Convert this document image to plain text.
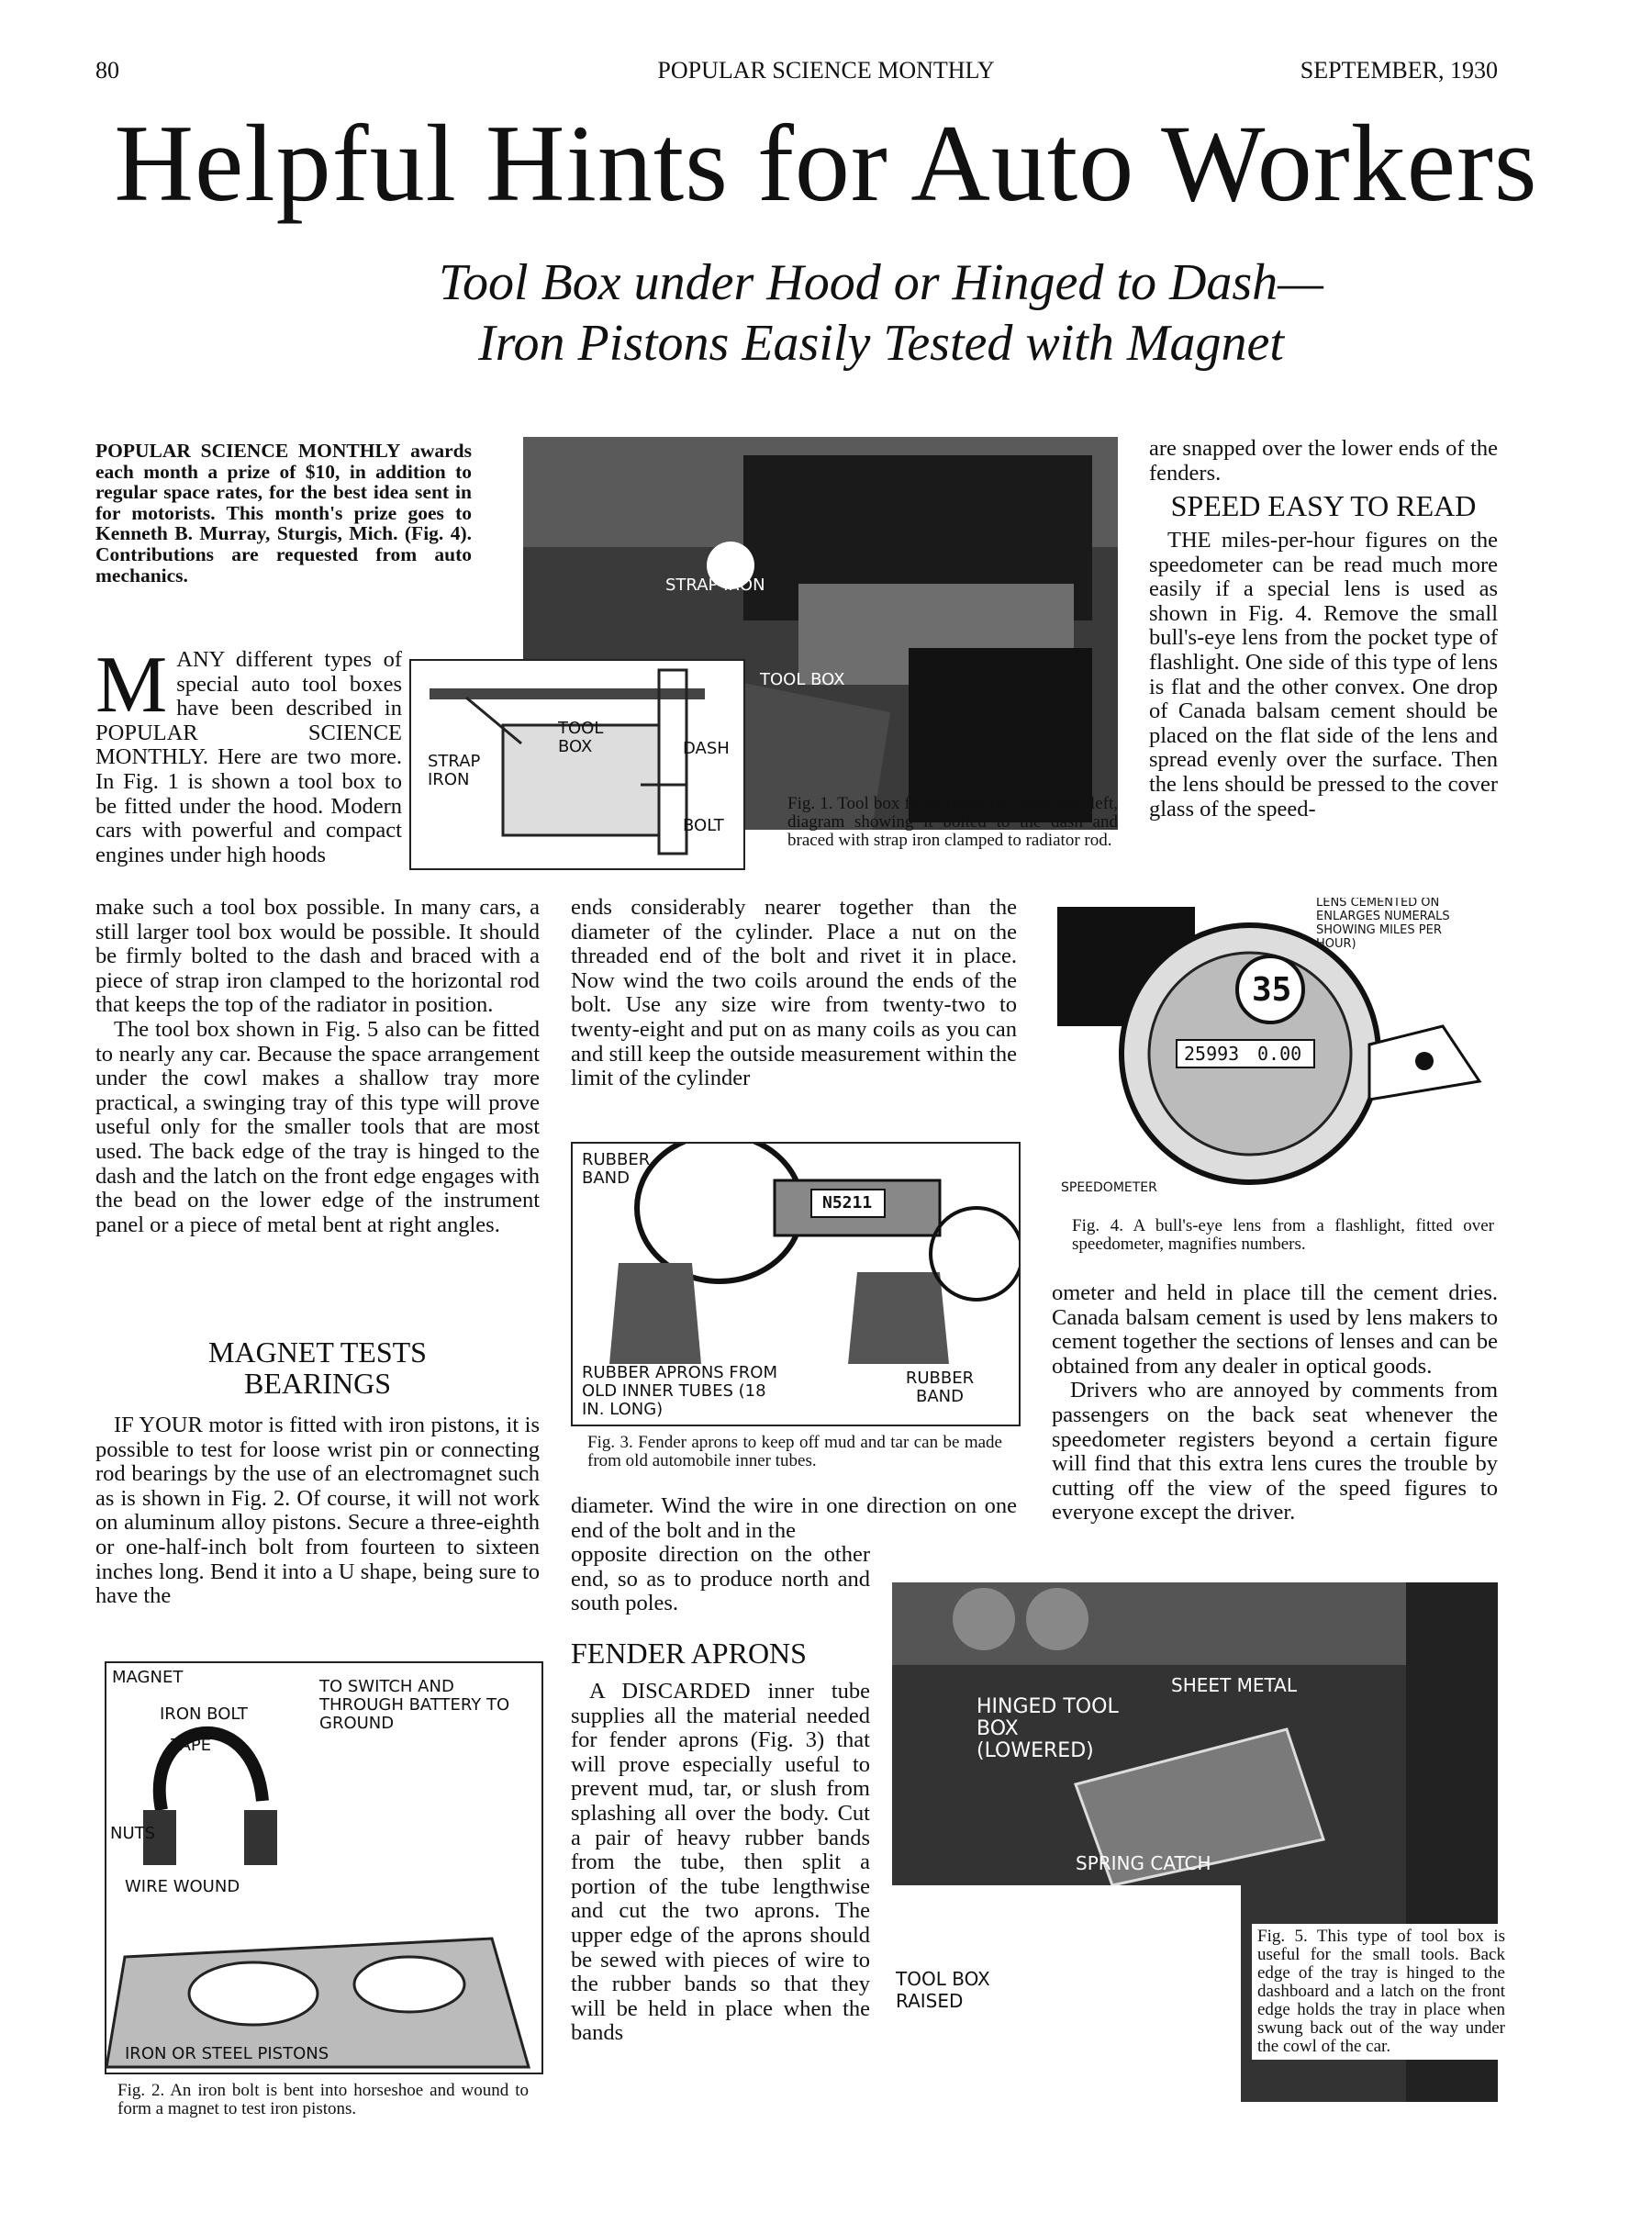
80	POPULAR SCIENCE MONTHLY	SEPTEMBER, 1930
Helpful Hints for Auto Workers
Tool Box under Hood or Hinged to Dash—
Iron Pistons Easily Tested with Magnet
POPULAR SCIENCE MONTHLY awards each month a prize of $10, in addition to regular space rates, for the best idea sent in for motorists. This month's prize goes to Kenneth B. Murray, Sturgis, Mich. (Fig. 4). Contributions are requested from auto mechanics.
M ANY different types of special auto tool boxes have been described in POPULAR SCIENCE MONTHLY. Here are two more. In Fig. 1 is shown a tool box to be fitted under the hood. Modern cars with powerful and compact engines under high hoods

make such a tool box possible. In many cars, a still larger tool box would be possible. It should be firmly bolted to the dash and braced with a piece of strap iron clamped to the horizontal rod that keeps the top of the radiator in position.

The tool box shown in Fig. 5 also can be fitted to nearly any car. Because the space arrangement under the cowl makes a shallow tray more practical, a swinging tray of this type will prove useful only for the smaller tools that are most used. The back edge of the tray is hinged to the dash and the latch on the front edge engages with the bead on the lower edge of the instrument panel or a piece of metal bent at right angles.

MAGNET TESTS BEARINGS

IF YOUR motor is fitted with iron pistons, it is possible to test for loose wrist pin or connecting rod bearings by the use of an electromagnet such as is shown in Fig. 2. Of course, it will not work on aluminum alloy pistons. Secure a three-eighth or one-half-inch bolt from fourteen to sixteen inches long. Bend it into a U shape, being sure to have the

STRAP IRON
TOOL BOX
TOOL BOX
STRAP IRON
DASH
BOLT
Fig. 1. Tool box fitted under the hood and, left, diagram showing it bolted to the dash and braced with strap iron clamped to radiator rod.
MAGNET
IRON BOLT
TAPE
NUTS
WIRE WOUND
TO SWITCH AND THROUGH BATTERY TO GROUND
IRON OR STEEL PISTONS
Fig. 2. An iron bolt is bent into horseshoe and wound to form a magnet to test iron pistons.

ends considerably nearer together than the diameter of the cylinder. Place a nut on the threaded end of the bolt and rivet it in place. Now wind the two coils around the ends of the bolt. Use any size wire from twenty-two to twenty-eight and put on as many coils as you can and still keep the outside measurement within the limit of the cylinder

RUBBER BAND
N5211
RUBBER APRONS FROM OLD INNER TUBES (18 IN. LONG)
RUBBER BAND
Fig. 3. Fender aprons to keep off mud and tar can be made from old automobile inner tubes.

diameter. Wind the wire in one direction on one end of the bolt and in the

opposite direction on the other end, so as to produce north and south poles.

FENDER APRONS

A DISCARDED inner tube supplies all the material needed for fender aprons (Fig. 3) that will prove especially useful to prevent mud, tar, or slush from splashing all over the body. Cut a pair of heavy rubber bands from the tube, then split a portion of the tube lengthwise and cut the two aprons. The upper edge of the aprons should be sewed with pieces of wire to the rubber bands so that they will be held in place when the bands

are snapped over the lower ends of the fenders.

SPEED EASY TO READ

THE miles-per-hour figures on the speedometer can be read much more easily if a special lens is used as shown in Fig. 4. Remove the small bull's-eye lens from the pocket type of flashlight. One side of this type of lens is flat and the other convex. One drop of Canada balsam cement should be placed on the flat side of the lens and spread evenly over the surface. Then the lens should be pressed to the cover glass of the speed-

35
25993 0.00
LENS CEMENTED ON ENLARGES NUMERALS SHOWING MILES PER HOUR)
SPEEDOMETER
Fig. 4. A bull's-eye lens from a flashlight, fitted over speedometer, magnifies numbers.

ometer and held in place till the cement dries. Canada balsam cement is used by lens makers to cement together the sections of lenses and can be obtained from any dealer in optical goods.

Drivers who are annoyed by comments from passengers on the back seat whenever the speedometer registers beyond a certain figure will find that this extra lens cures the trouble by cutting off the view of the speed figures to everyone except the driver.

HINGED TOOL BOX (LOWERED)
SHEET METAL
SPRING CATCH
TOOL BOX RAISED
Fig. 5. This type of tool box is useful for the small tools. Back edge of the tray is hinged to the dashboard and a latch on the front edge holds the tray in place when swung back out of the way under the cowl of the car.
